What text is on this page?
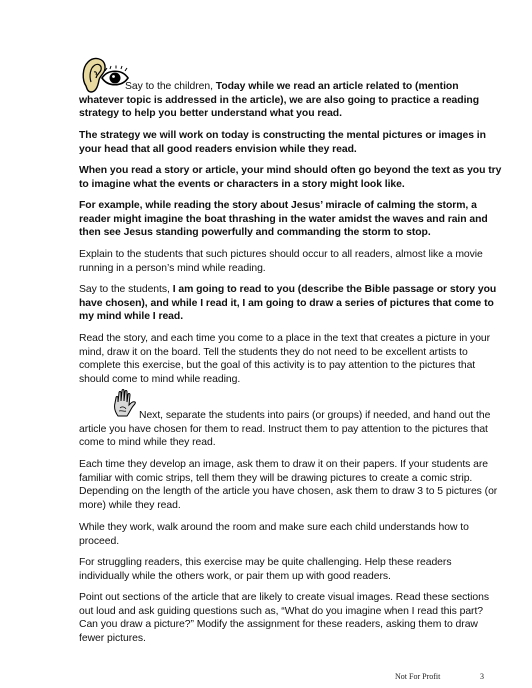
Say to the children, Today while we read an article related to (mention whatever topic is addressed in the article), we are also going to practice a reading strategy to help you better understand what you read.

The strategy we will work on today is constructing the mental pictures or images in your head that all good readers envision while they read.

When you read a story or article, your mind should often go beyond the text as you try to imagine what the events or characters in a story might look like.

For example, while reading the story about Jesus’ miracle of calming the storm, a reader might imagine the boat thrashing in the water amidst the waves and rain and then see Jesus standing powerfully and commanding the storm to stop.

Explain to the students that such pictures should occur to all readers, almost like a movie running in a person’s mind while reading.

Say to the students, I am going to read to you (describe the Bible passage or story you have chosen), and while I read it, I am going to draw a series of pictures that come to my mind while I read.

Read the story, and each time you come to a place in the text that creates a picture in your mind, draw it on the board. Tell the students they do not need to be excellent artists to complete this exercise, but the goal of this activity is to pay attention to the pictures that should come to mind while reading.

Next, separate the students into pairs (or groups) if needed, and hand out the article you have chosen for them to read. Instruct them to pay attention to the pictures that come to mind while they read.

Each time they develop an image, ask them to draw it on their papers. If your students are familiar with comic strips, tell them they will be drawing pictures to create a comic strip. Depending on the length of the article you have chosen, ask them to draw 3 to 5 pictures (or more) while they read.

While they work, walk around the room and make sure each child understands how to proceed.

For struggling readers, this exercise may be quite challenging. Help these readers individually while the others work, or pair them up with good readers.

Point out sections of the article that are likely to create visual images. Read these sections out loud and ask guiding questions such as, “What do you imagine when I read this part? Can you draw a picture?” Modify the assignment for these readers, asking them to draw fewer pictures.

Not For Profit	3
